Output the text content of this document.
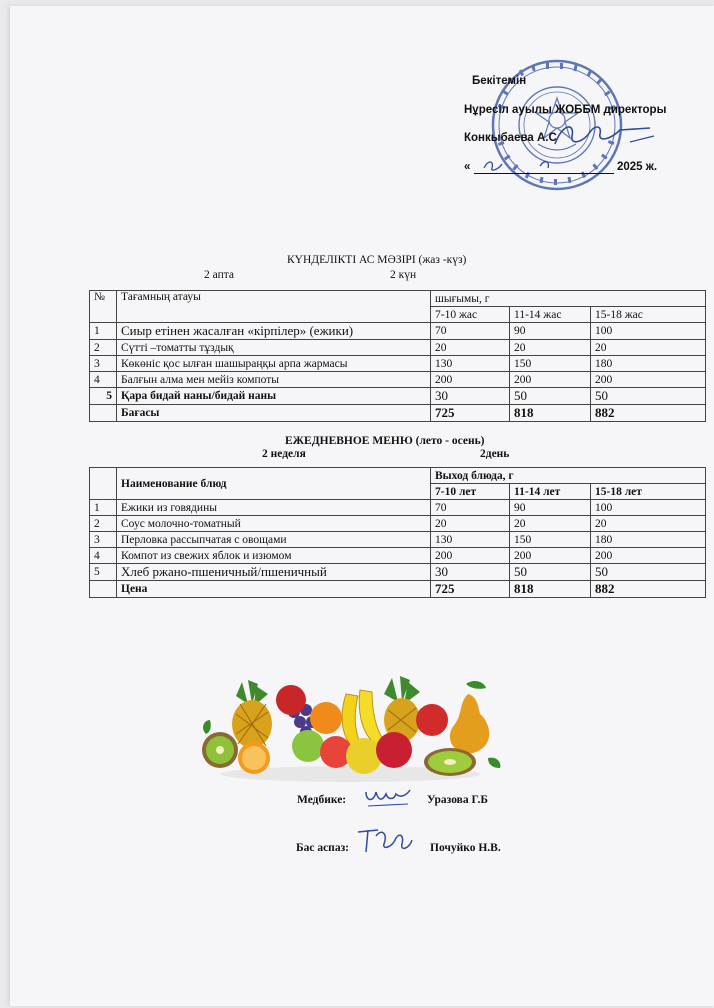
Бекітемін
Нұресіл ауылы ЖОББМ директоры
Конкыбаева А.С
«	2025 ж.
КҮНДЕЛІКТІ АС МӘЗІРІ (жаз -күз)
2 апта	2 күн
№	Тағамның атауы	шығымы, г		
		7-10 жас	11-14 жас	15-18 жас
1	Сиыр етінен жасалған «кірпілер» (ежики)	70	90	100
2	Сүтті –томатты тұздық	20	20	20
3	Көкөніс қос ылған шашыраңқы арпа жармасы	130	150	180
4	Балғын алма мен мейіз компоты	200	200	200
5	Қара бидай наны/бидай наны	30	50	50
	Бағасы	725	818	882
ЕЖЕДНЕВНОЕ МЕНЮ (лето - осень)
2 неделя	2день
	Наименование блюд	Выход блюда, г		
		7-10 лет	11-14 лет	15-18 лет
1	Ежики из говядины	70	90	100
2	Соус молочно-томатный	20	20	20
3	Перловка рассыпчатая с овощами	130	150	180
4	Компот из свежих яблок и изюмом	200	200	200
5	Хлеб ржано-пшеничный/пшеничный	30	50	50
	Цена	725	818	882
Медбике:	Уразова Г.Б
Бас аспаз:	Почуйко Н.В.
